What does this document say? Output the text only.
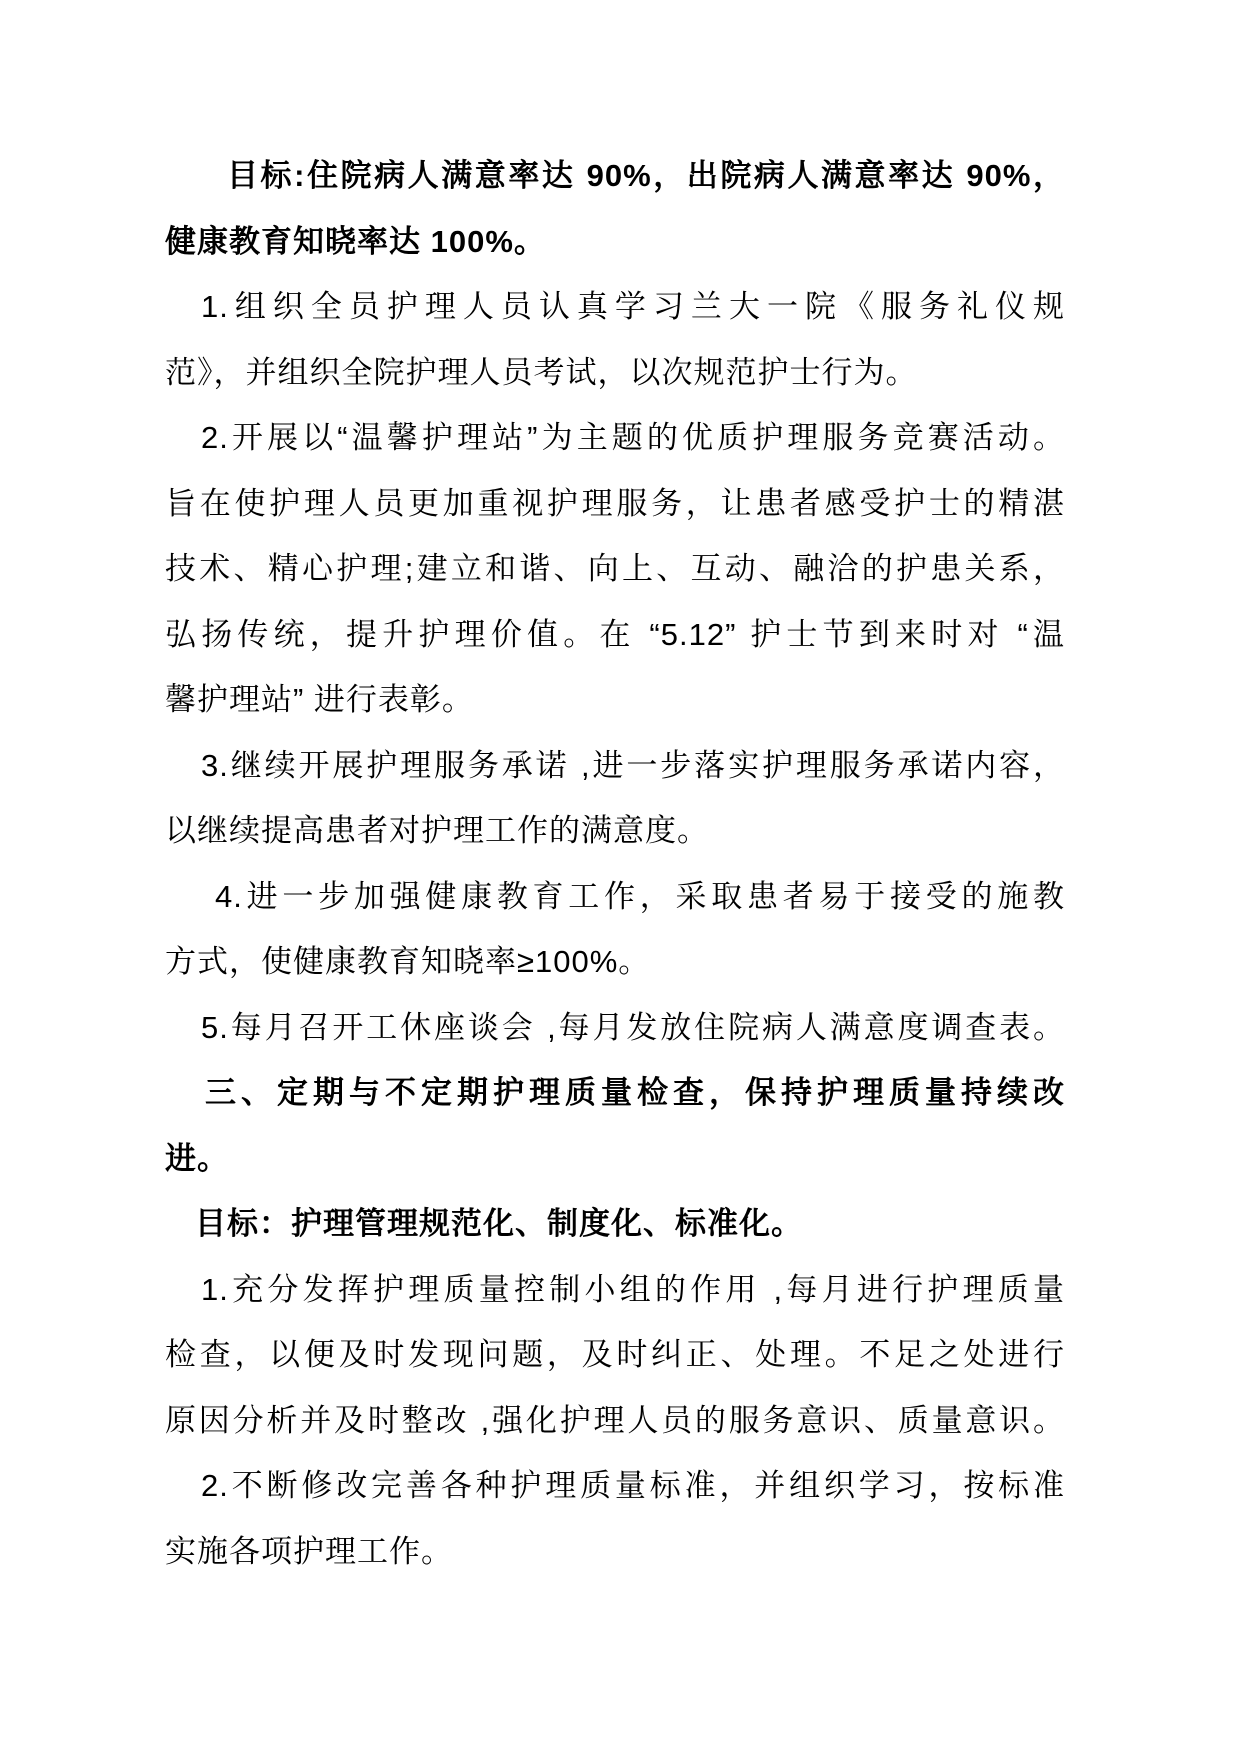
目标:住院病人满意率达 90%，出院病人满意率达 90%，
健康教育知晓率达 100%。
1.组织全员护理人员认真学习兰大一院《服务礼仪规
范》，并组织全院护理人员考试，以次规范护士行为。
2.开展以“温馨护理站”为主题的优质护理服务竞赛活动。
旨在使护理人员更加重视护理服务，让患者感受护士的精湛
技术、精心护理;建立和谐、向上、互动、融洽的护患关系，
弘扬传统，提升护理价值。在 “5.12” 护士节到来时对 “温
馨护理站” 进行表彰。
3.继续开展护理服务承诺 ,进一步落实护理服务承诺内容，
以继续提高患者对护理工作的满意度。
4.进一步加强健康教育工作，采取患者易于接受的施教
方式，使健康教育知晓率≥100%。
5.每月召开工休座谈会 ,每月发放住院病人满意度调查表。
三、定期与不定期护理质量检查，保持护理质量持续改
进。
目标：护理管理规范化、制度化、标准化。
1.充分发挥护理质量控制小组的作用 ,每月进行护理质量
检查，以便及时发现问题，及时纠正、处理。不足之处进行
原因分析并及时整改 ,强化护理人员的服务意识、质量意识。
2.不断修改完善各种护理质量标准，并组织学习，按标准
实施各项护理工作。
